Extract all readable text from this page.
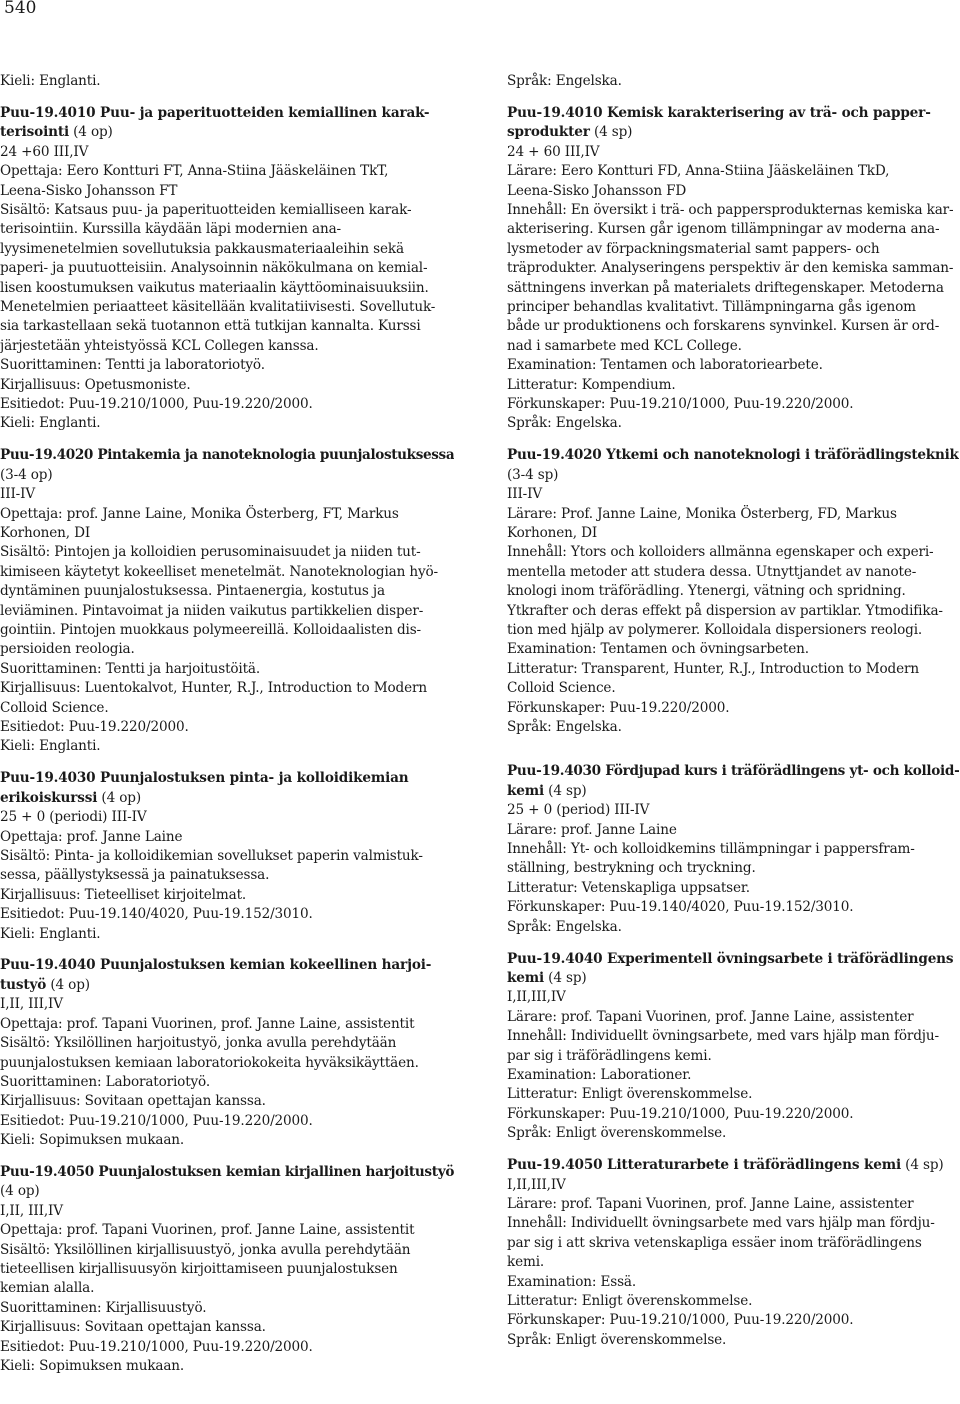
540
Kieli: Englanti.
Puu-19.4010 Puu- ja paperituotteiden kemiallinen karak-
terisointi (4 op)
24 +60 III,IV
Opettaja: Eero Kontturi FT, Anna-Stiina Jääskeläinen TkT,
Leena-Sisko Johansson FT
Sisältö: Katsaus puu- ja paperituotteiden kemialliseen karak-
terisointiin. Kurssilla käydään läpi modernien ana-
lyysimenetelmien sovellutuksia pakkausmateriaaleihin sekä
paperi- ja puutuotteisiin. Analysoinnin näkökulmana on kemial-
lisen koostumuksen vaikutus materiaalin käyttöominaisuuksiin.
Menetelmien periaatteet käsitellään kvalitatiivisesti. Sovellutuk-
sia tarkastellaan sekä tuotannon että tutkijan kannalta. Kurssi
järjestetään yhteistyössä KCL Collegen kanssa.
Suorittaminen: Tentti ja laboratoriotyö.
Kirjallisuus: Opetusmoniste.
Esitiedot: Puu-19.210/1000, Puu-19.220/2000.
Kieli: Englanti.
Puu-19.4020 Pintakemia ja nanoteknologia puunjalostuksessa
(3-4 op)
III-IV
Opettaja: prof. Janne Laine, Monika Österberg, FT, Markus
Korhonen, DI
Sisältö: Pintojen ja kolloidien perusominaisuudet ja niiden tut-
kimiseen käytetyt kokeelliset menetelmät. Nanoteknologian hyö-
dyntäminen puunjalostuksessa. Pintaenergia, kostutus ja
leviäminen. Pintavoimat ja niiden vaikutus partikkelien disper-
gointiin. Pintojen muokkaus polymeereillä. Kolloidaalisten dis-
persioiden reologia.
Suorittaminen: Tentti ja harjoitustöitä.
Kirjallisuus: Luentokalvot, Hunter, R.J., Introduction to Modern
Colloid Science.
Esitiedot: Puu-19.220/2000.
Kieli: Englanti.
Puu-19.4030 Puunjalostuksen pinta- ja kolloidikemian
erikoiskurssi (4 op)
25 + 0 (periodi) III-IV
Opettaja: prof. Janne Laine
Sisältö: Pinta- ja kolloidikemian sovellukset paperin valmistuk-
sessa, päällystyksessä ja painatuksessa.
Kirjallisuus: Tieteelliset kirjoitelmat.
Esitiedot: Puu-19.140/4020, Puu-19.152/3010.
Kieli: Englanti.
Puu-19.4040 Puunjalostuksen kemian kokeellinen harjoi-
tustyö (4 op)
I,II, III,IV
Opettaja: prof. Tapani Vuorinen, prof. Janne Laine, assistentit
Sisältö: Yksilöllinen harjoitustyö, jonka avulla perehdytään
puunjalostuksen kemiaan laboratoriokokeita hyväksikäyttäen.
Suorittaminen: Laboratoriotyö.
Kirjallisuus: Sovitaan opettajan kanssa.
Esitiedot: Puu-19.210/1000, Puu-19.220/2000.
Kieli: Sopimuksen mukaan.
Puu-19.4050 Puunjalostuksen kemian kirjallinen harjoitustyö
(4 op)
I,II, III,IV
Opettaja: prof. Tapani Vuorinen, prof. Janne Laine, assistentit
Sisältö: Yksilöllinen kirjallisuustyö, jonka avulla perehdytään
tieteellisen kirjallisuusyön kirjoittamiseen puunjalostuksen
kemian alalla.
Suorittaminen: Kirjallisuustyö.
Kirjallisuus: Sovitaan opettajan kanssa.
Esitiedot: Puu-19.210/1000, Puu-19.220/2000.
Kieli: Sopimuksen mukaan.
Språk: Engelska.
Puu-19.4010 Kemisk karakterisering av trä- och papper-
sprodukter (4 sp)
24 + 60 III,IV
Lärare: Eero Kontturi FD, Anna-Stiina Jääskeläinen TkD,
Leena-Sisko Johansson FD
Innehåll: En översikt i trä- och pappersprodukternas kemiska kar-
akterisering. Kursen går igenom tillämpningar av moderna ana-
lysmetoder av förpackningsmaterial samt pappers- och
träprodukter. Analyseringens perspektiv är den kemiska samman-
sättningens inverkan på materialets driftegenskaper. Metoderna
principer behandlas kvalitativt. Tillämpningarna gås igenom
både ur produktionens och forskarens synvinkel. Kursen är ord-
nad i samarbete med KCL College.
Examination: Tentamen och laboratoriearbete.
Litteratur: Kompendium.
Förkunskaper: Puu-19.210/1000, Puu-19.220/2000.
Språk: Engelska.
Puu-19.4020 Ytkemi och nanoteknologi i träförädlingsteknik
(3-4 sp)
III-IV
Lärare: Prof. Janne Laine, Monika Österberg, FD, Markus
Korhonen, DI
Innehåll: Ytors och kolloiders allmänna egenskaper och experi-
mentella metoder att studera dessa. Utnyttjandet av nanote-
knologi inom träförädling. Ytenergi, vätning och spridning.
Ytkrafter och deras effekt på dispersion av partiklar. Ytmodifika-
tion med hjälp av polymerer. Kolloidala dispersioners reologi.
Examination: Tentamen och övningsarbeten.
Litteratur: Transparent, Hunter, R.J., Introduction to Modern
Colloid Science.
Förkunskaper: Puu-19.220/2000.
Språk: Engelska.
Puu-19.4030 Fördjupad kurs i träförädlingens yt- och kolloid-
kemi (4 sp)
25 + 0 (period) III-IV
Lärare: prof. Janne Laine
Innehåll: Yt- och kolloidkemins tillämpningar i pappersfram-
ställning, bestrykning och tryckning.
Litteratur: Vetenskapliga uppsatser.
Förkunskaper: Puu-19.140/4020, Puu-19.152/3010.
Språk: Engelska.
Puu-19.4040 Experimentell övningsarbete i träförädlingens
kemi (4 sp)
I,II,III,IV
Lärare: prof. Tapani Vuorinen, prof. Janne Laine, assistenter
Innehåll: Individuellt övningsarbete, med vars hjälp man fördju-
par sig i träförädlingens kemi.
Examination: Laborationer.
Litteratur: Enligt överenskommelse.
Förkunskaper: Puu-19.210/1000, Puu-19.220/2000.
Språk: Enligt överenskommelse.
Puu-19.4050 Litteraturarbete i träförädlingens kemi (4 sp)
I,II,III,IV
Lärare: prof. Tapani Vuorinen, prof. Janne Laine, assistenter
Innehåll: Individuellt övningsarbete med vars hjälp man fördju-
par sig i att skriva vetenskapliga essäer inom träförädlingens
kemi.
Examination: Essä.
Litteratur: Enligt överenskommelse.
Förkunskaper: Puu-19.210/1000, Puu-19.220/2000.
Språk: Enligt överenskommelse.
